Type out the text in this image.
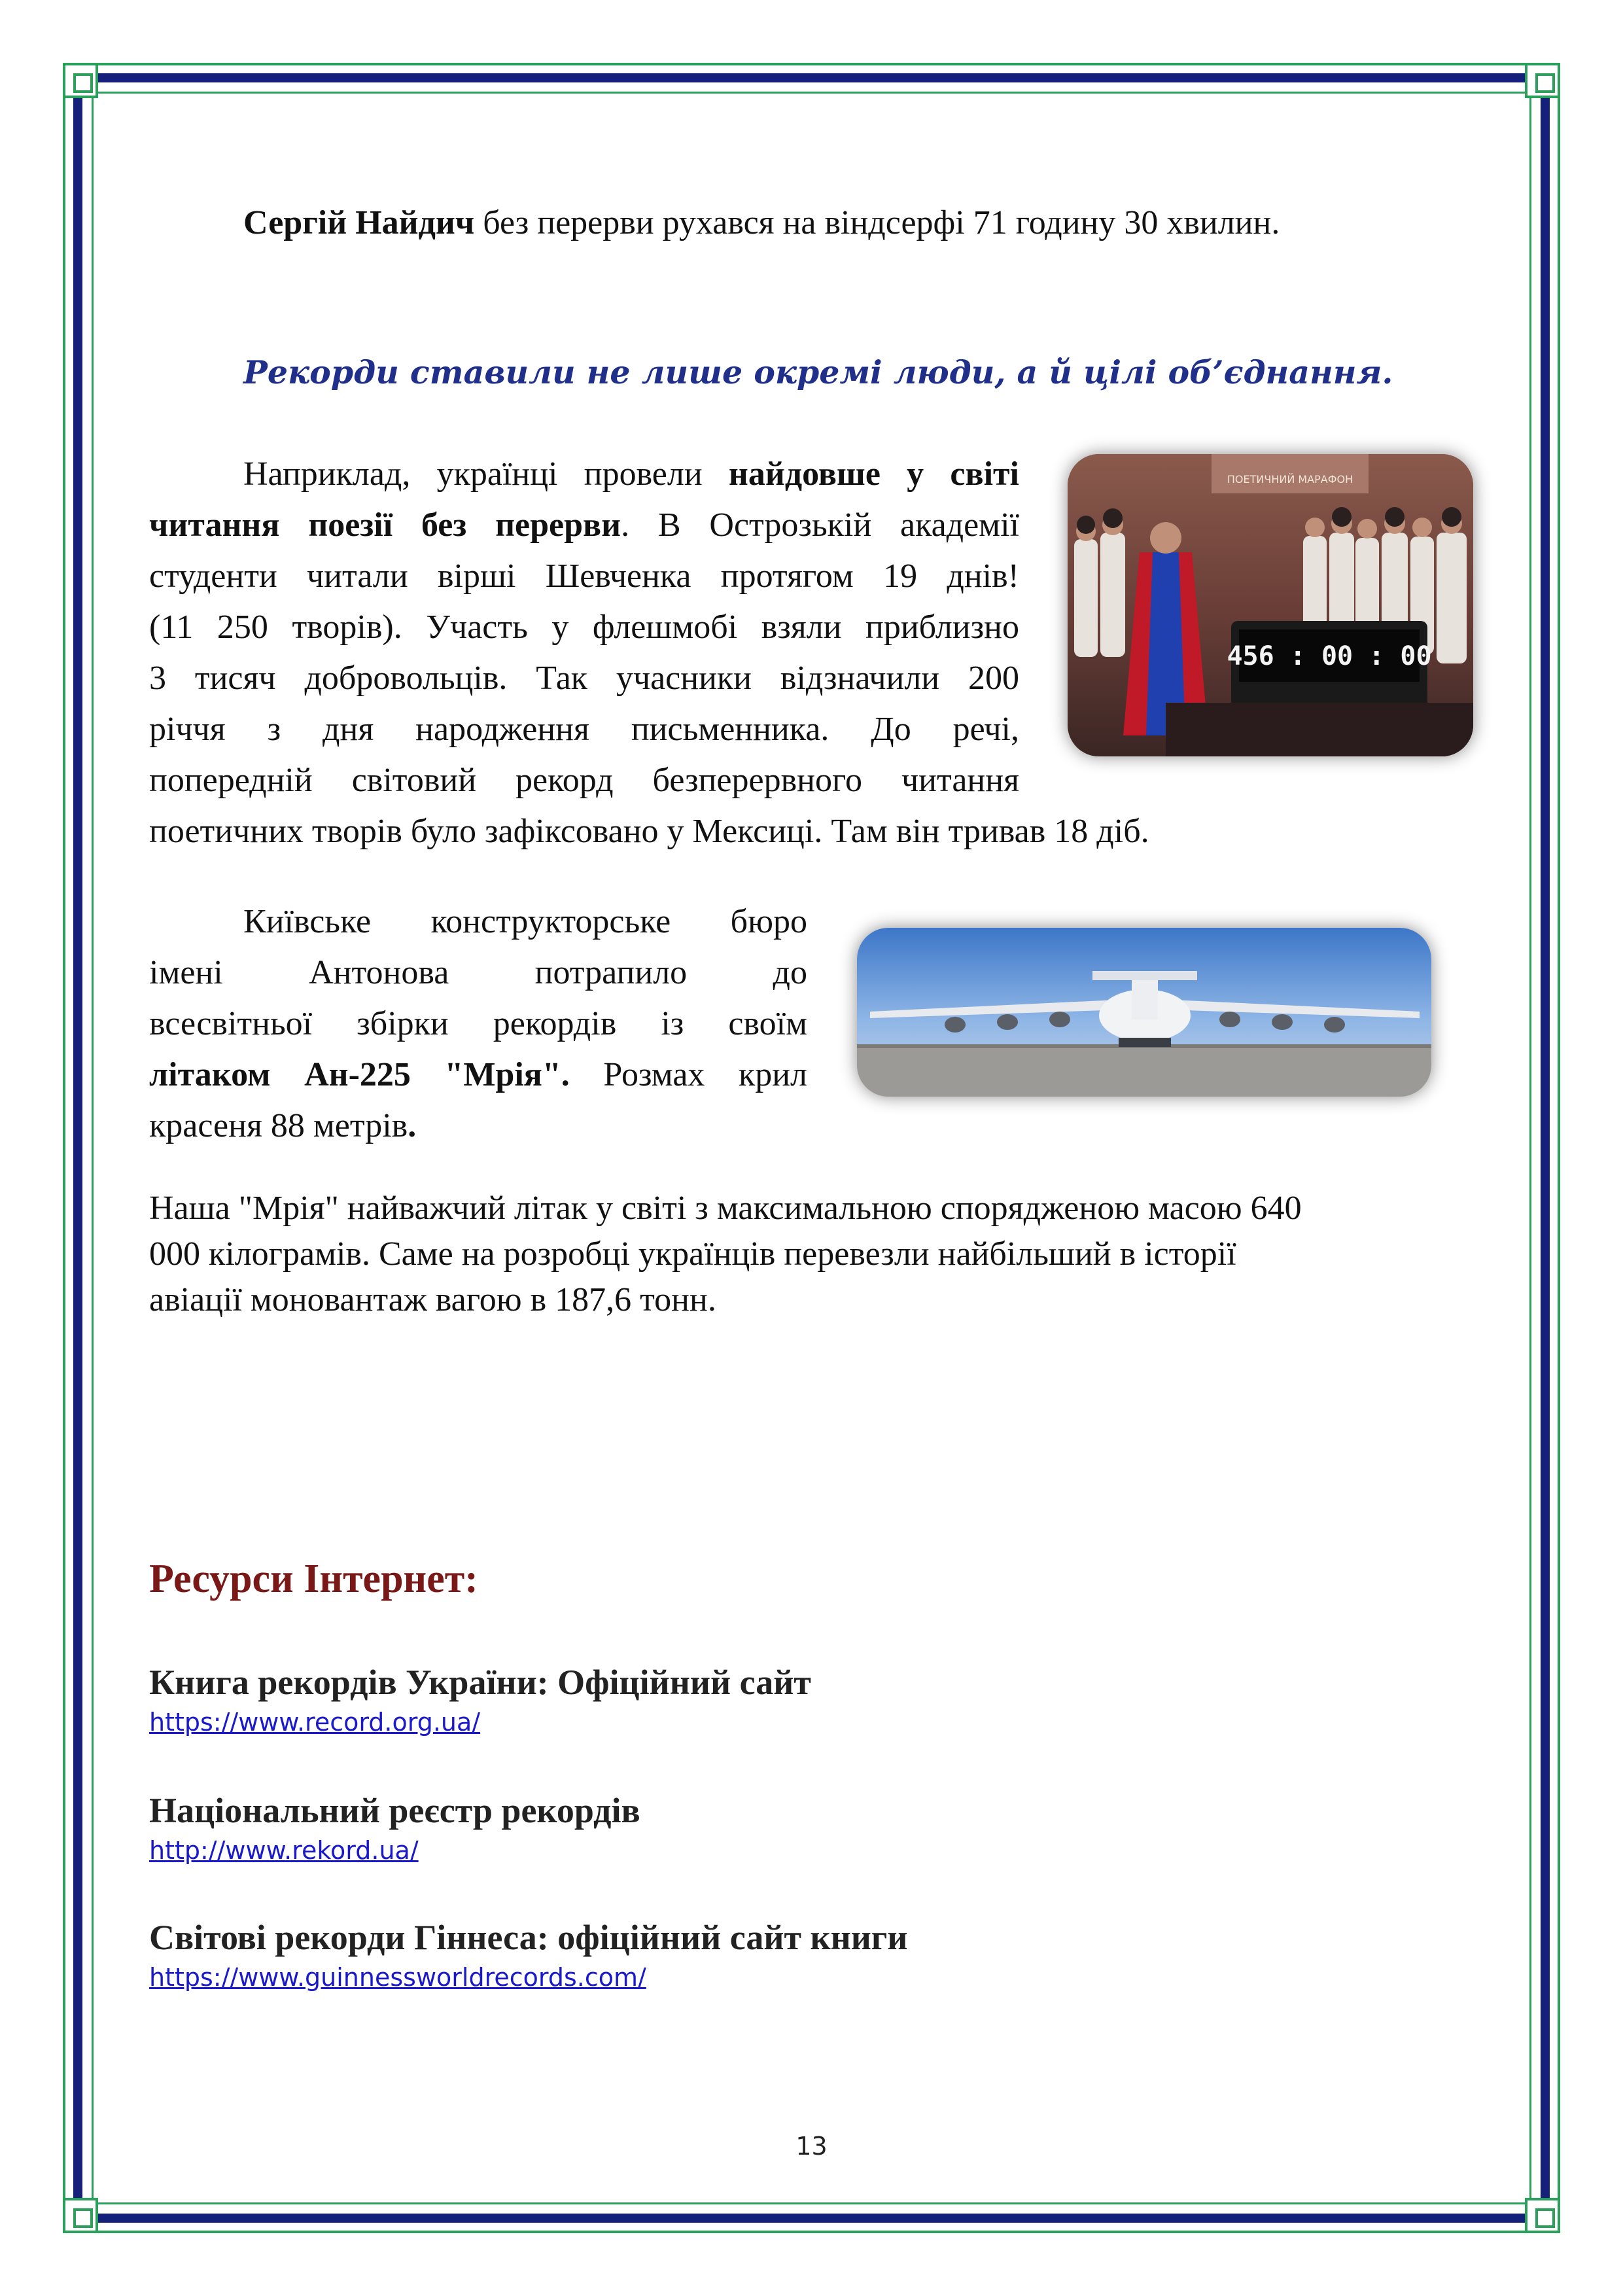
Сергій Найдич без перерви рухався на віндсерфі 71 годину 30 хвилин.
Рекорди ставили не лише окремі люди, а й цілі об’єднання.
Наприклад, українці провели найдовше у світі
читання поезії без перерви. В Острозькій академії
студенти читали вірші Шевченка протягом 19 днів!
(11 250 творів). Участь у флешмобі взяли приблизно
3 тисяч добровольців. Так учасники відзначили 200
річчя з дня народження письменника. До речі,
попередній світовий рекорд безперервного читання
поетичних творів було зафіксовано у Мексиці. Там він тривав 18 діб.
ПОЕТИЧНИЙ МАРАФОН
456 : 00 : 00
Київське конструкторське бюро
імені Антонова потрапило до
всесвітньої збірки рекордів із своїм
літаком Ан-225 "Мрія". Розмах крил
красеня 88 метрів.
Наша "Мрія" найважчий літак у світі з максимальною спорядженою масою 640
000 кілограмів. Саме на розробці українців перевезли найбільший в історії
авіації моновантаж вагою в 187,6 тонн.
Ресурси Інтернет:
Книга рекордів України: Офіційний сайт
https://www.record.org.ua/
Національний реєстр рекордів
http://www.rekord.ua/
Світові рекорди Гіннеса: офіційний сайт книги
https://www.guinnessworldrecords.com/
13
